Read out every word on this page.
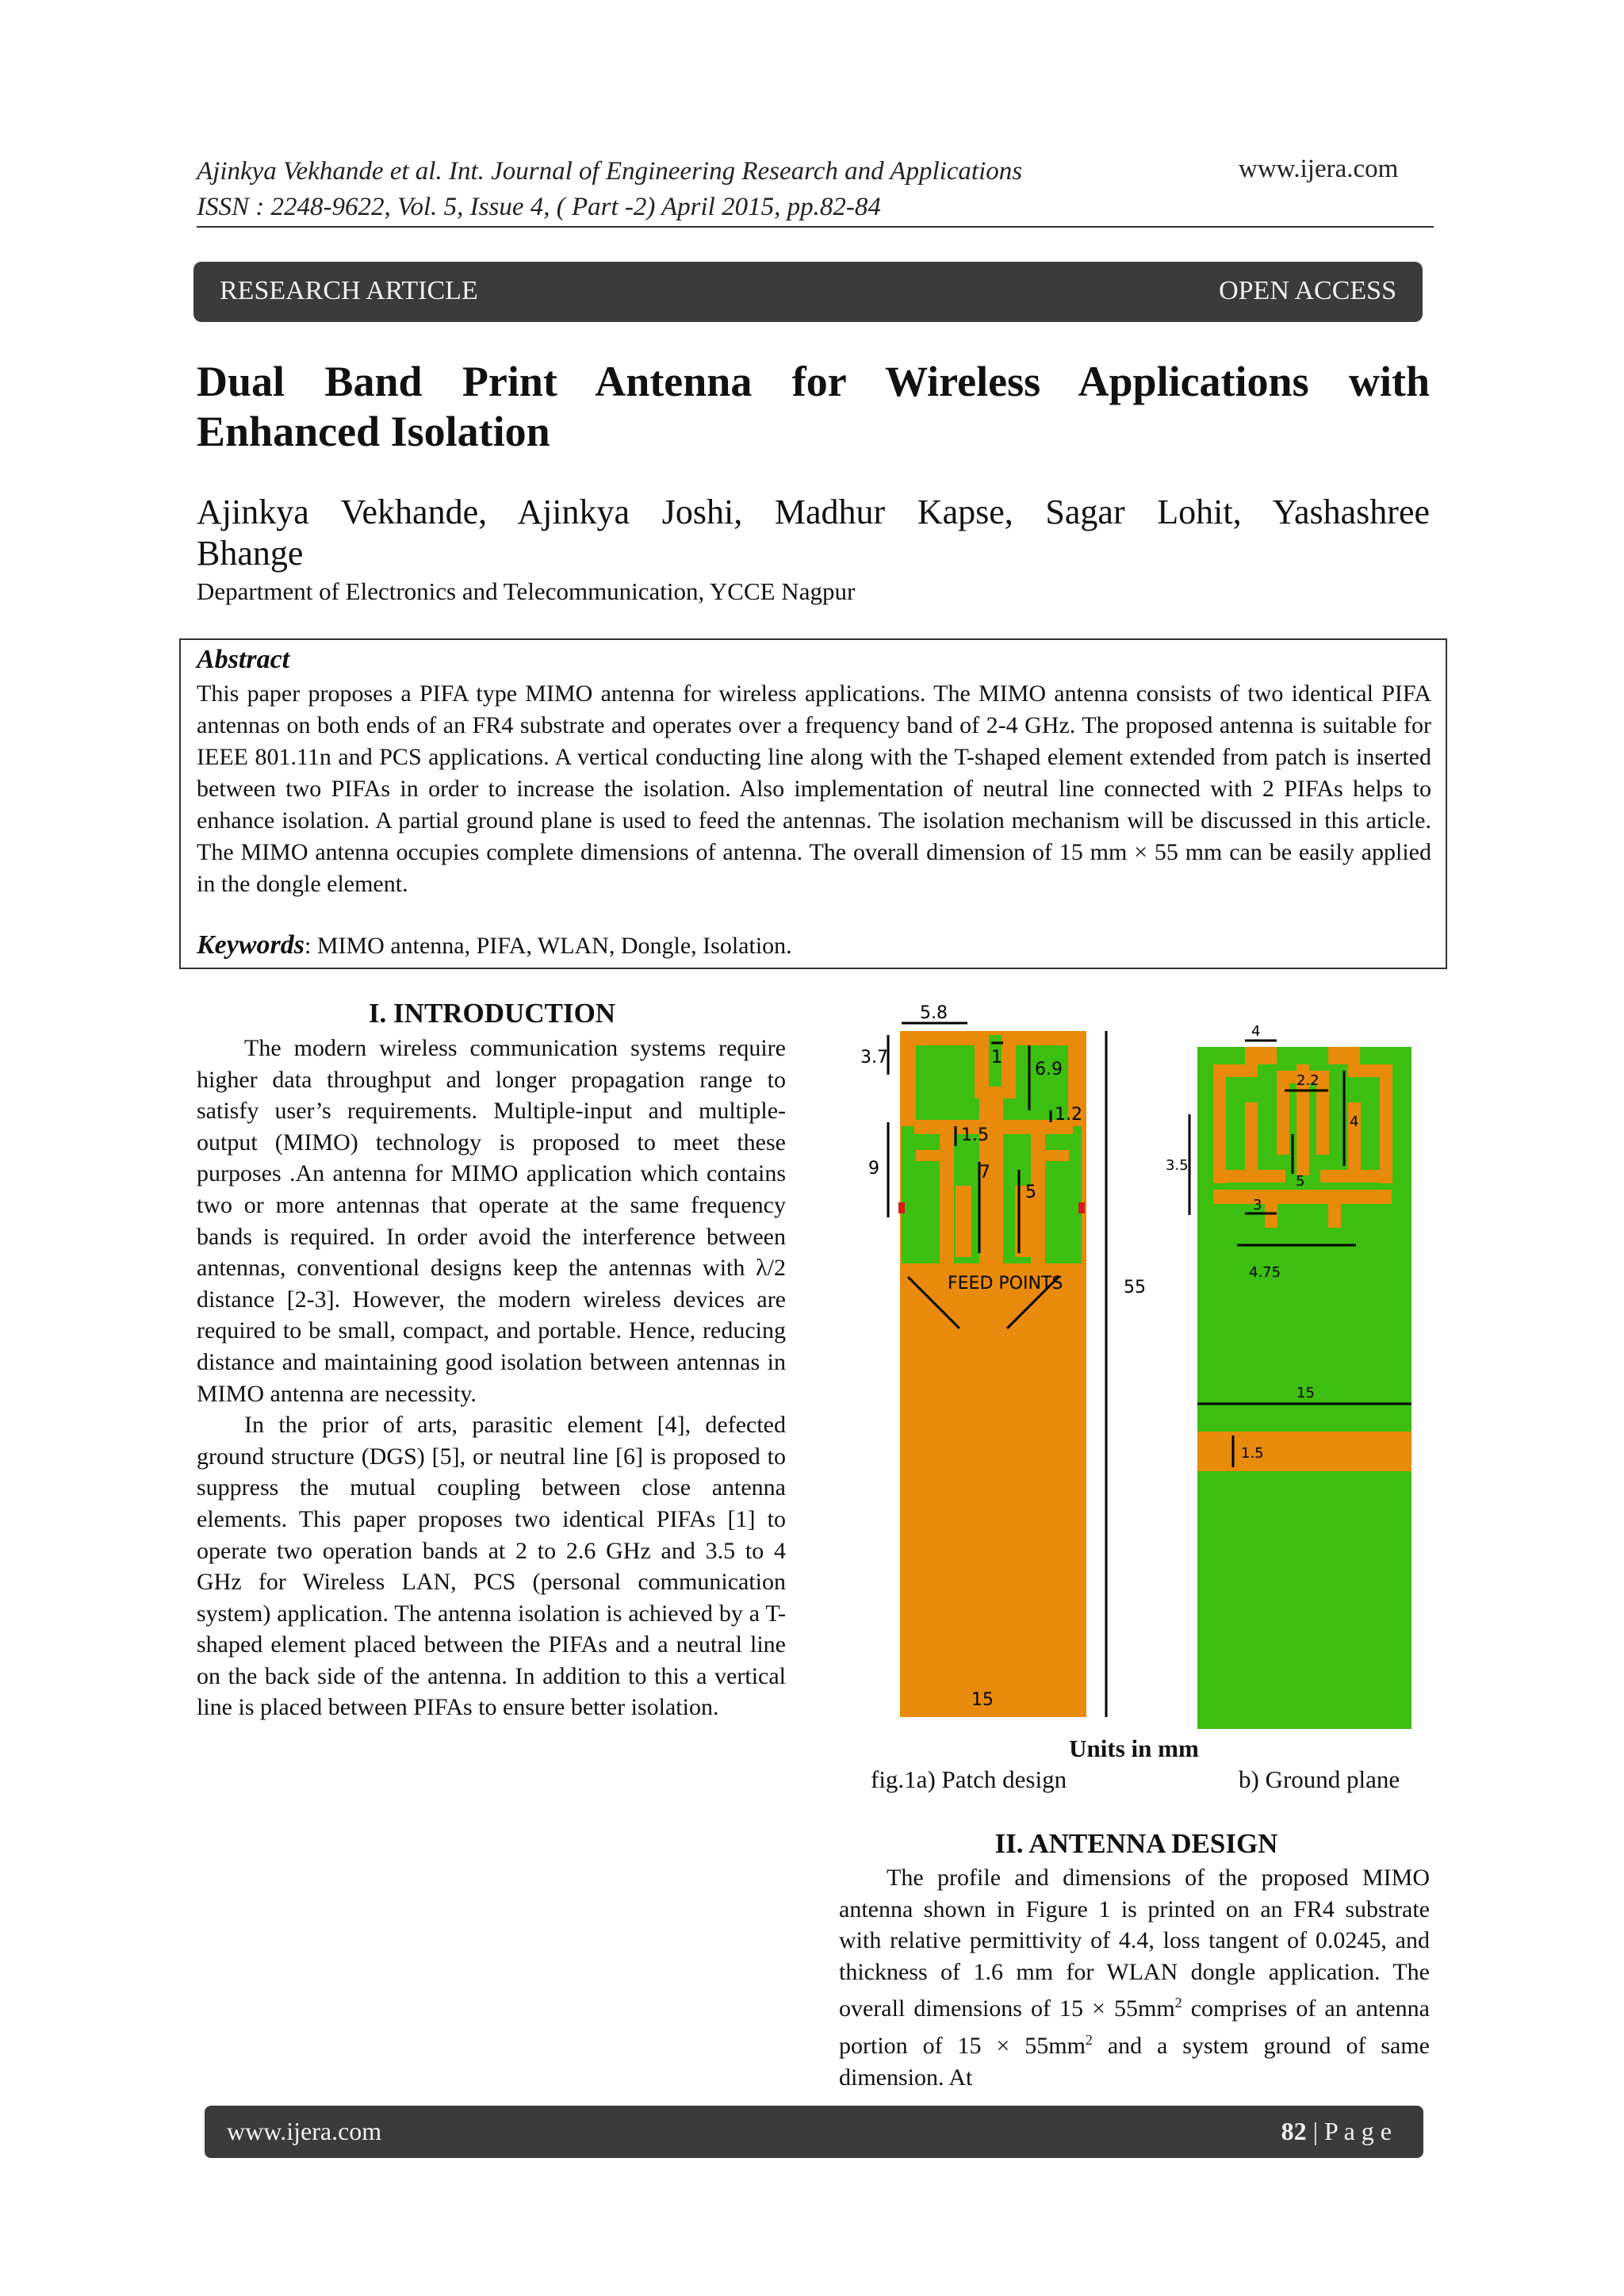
Ajinkya Vekhande et al. Int. Journal of Engineering Research and Applications	www.ijera.com
ISSN : 2248-9622, Vol. 5, Issue 4, ( Part -2) April 2015, pp.82-84
RESEARCH ARTICLE	OPEN ACCESS
Dual Band Print Antenna for Wireless Applications with
Enhanced Isolation
Ajinkya Vekhande, Ajinkya Joshi, Madhur Kapse, Sagar Lohit, Yashashree
Bhange
Department of Electronics and Telecommunication, YCCE Nagpur
Abstract
This paper proposes a PIFA type MIMO antenna for wireless applications. The MIMO antenna consists of two identical PIFA antennas on both ends of an FR4 substrate and operates over a frequency band of 2-4 GHz. The proposed antenna is suitable for IEEE 801.11n and PCS applications. A vertical conducting line along with the T-shaped element extended from patch is inserted between two PIFAs in order to increase the isolation. Also implementation of neutral line connected with 2 PIFAs helps to enhance isolation. A partial ground plane is used to feed the antennas. The isolation mechanism will be discussed in this article. The MIMO antenna occupies complete dimensions of antenna. The overall dimension of 15 mm × 55 mm can be easily applied in the dongle element.
Keywords: MIMO antenna, PIFA, WLAN, Dongle, Isolation.
I. INTRODUCTION

The modern wireless communication systems require higher data throughput and longer propagation range to satisfy user’s requirements. Multiple-input and multiple-output (MIMO) technology is proposed to meet these purposes .An antenna for MIMO application which contains two or more antennas that operate at the same frequency bands is required. In order avoid the interference between antennas, conventional designs keep the antennas with λ/2 distance [2-3]. However, the modern wireless devices are required to be small, compact, and portable. Hence, reducing distance and maintaining good isolation between antennas in MIMO antenna are necessity.

In the prior of arts, parasitic element [4], defected ground structure (DGS) [5], or neutral line [6] is proposed to suppress the mutual coupling between close antenna elements. This paper proposes two identical PIFAs [1] to operate two operation bands at 2 to 2.6 GHz and 3.5 to 4 GHz for Wireless LAN, PCS (personal communication system) application. The antenna isolation is achieved by a T-shaped element placed between the PIFAs and a neutral line on the back side of the antenna. In addition to this a vertical line is placed between PIFAs to ensure better isolation.

5.8
3.7	1
6.9
1.5
1.2
9	7
5
FEED POINTS	55
15
4
2.2
4
3.5
3
5
4.75
15
1.5
Units in mm
fig.1a) Patch design	b) Ground plane
II. ANTENNA DESIGN
The profile and dimensions of the proposed MIMO antenna shown in Figure 1 is printed on an FR4 substrate with relative permittivity of 4.4, loss tangent of 0.0245, and thickness of 1.6 mm for WLAN dongle application. The overall dimensions of $15 \times 55mm^2$ comprises of an antenna portion of $15 \times 55mm^2$ and a system ground of same dimension. At
www.ijera.com	82 | P a g e
